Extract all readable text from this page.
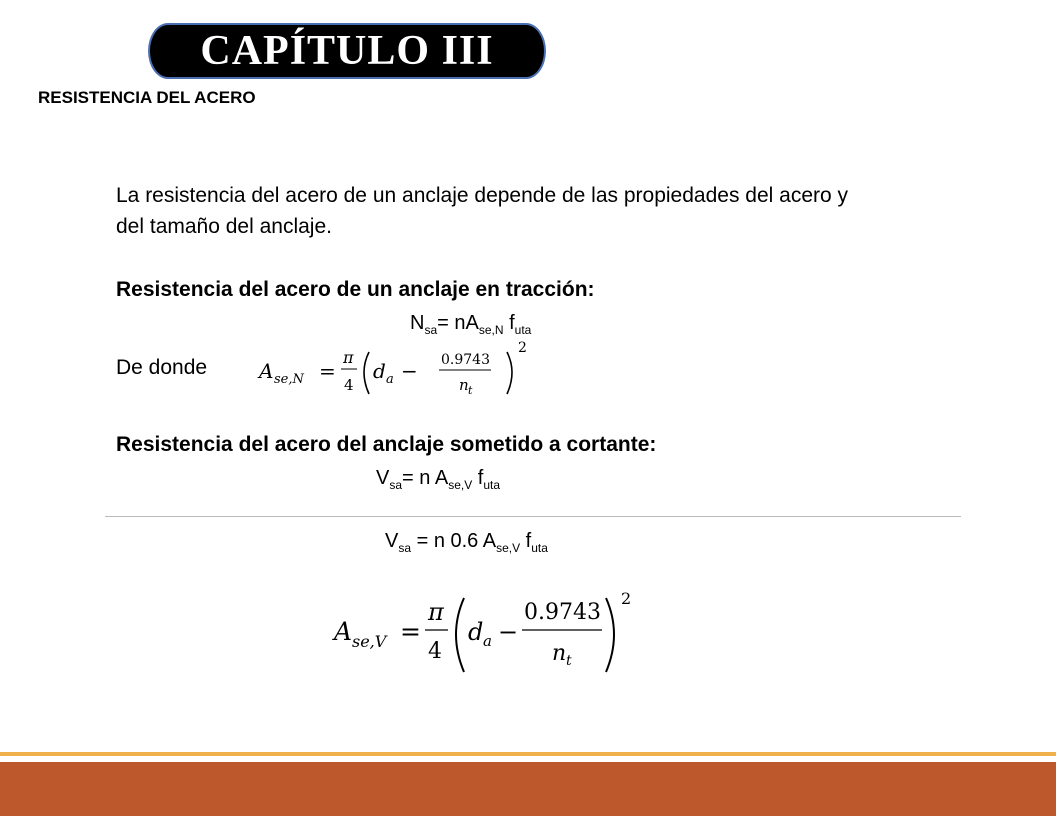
CAPÍTULO III
RESISTENCIA DEL ACERO
La resistencia del acero de un anclaje depende de las propiedades del acero y del tamaño del anclaje.
Resistencia del acero de un anclaje en tracción:
$N_{sa}= nA_{se,N}$ $f_{uta}$
De donde	A se,N =
π
4
d a − 0.9743
n t
2
Resistencia del acero del anclaje sometido a cortante:
$V_{sa}= n$ $A_{se,V}$ $f_{uta}$
$V_{sa} = n$ 0.6 $A_{se,V}$ $f_{uta}$
A se,V =
π
4
d a −
0.9743
n t
2
